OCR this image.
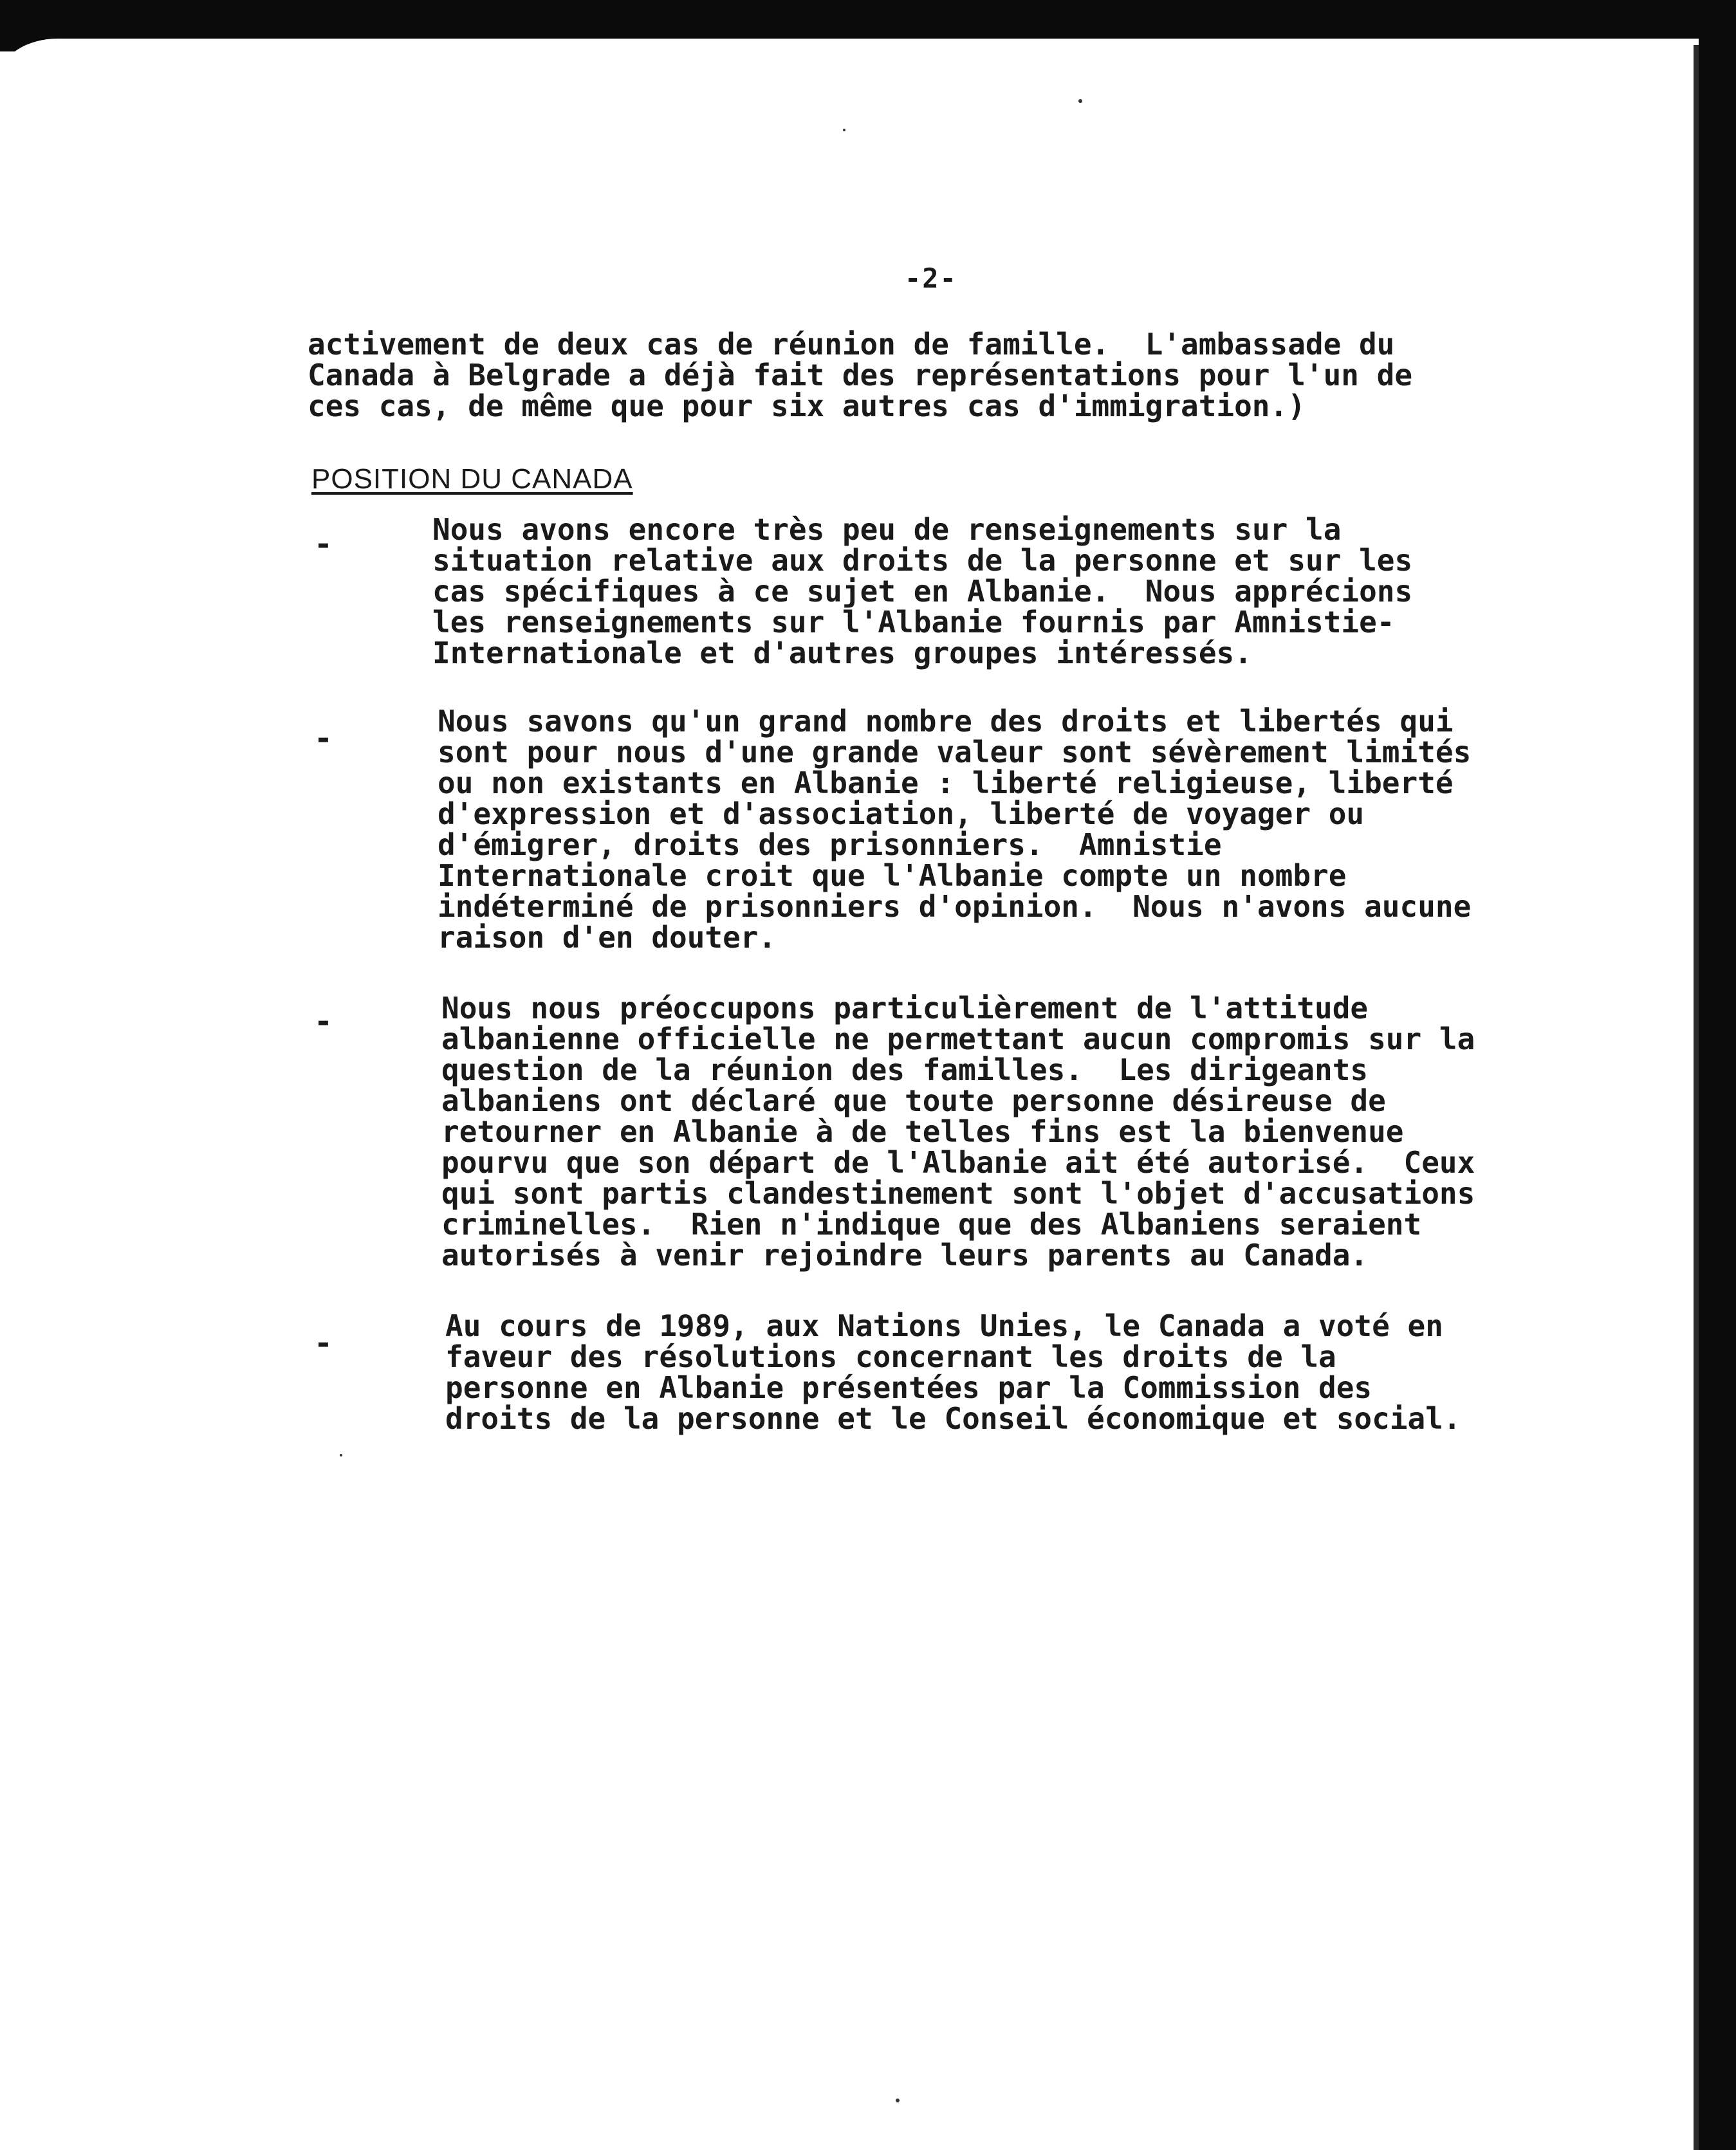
-2-
activement de deux cas de réunion de famille.  L'ambassade du
Canada à Belgrade a déjà fait des représentations pour l'un de
ces cas, de même que pour six autres cas d'immigration.)
POSITION DU CANADA
-	Nous avons encore très peu de renseignements sur la
situation relative aux droits de la personne et sur les
cas spécifiques à ce sujet en Albanie.  Nous apprécions
les renseignements sur l'Albanie fournis par Amnistie-
Internationale et d'autres groupes intéressés.
-	Nous savons qu'un grand nombre des droits et libertés qui
sont pour nous d'une grande valeur sont sévèrement limités
ou non existants en Albanie : liberté religieuse, liberté
d'expression et d'association, liberté de voyager ou
d'émigrer, droits des prisonniers.  Amnistie
Internationale croit que l'Albanie compte un nombre
indéterminé de prisonniers d'opinion.  Nous n'avons aucune
raison d'en douter.
-	Nous nous préoccupons particulièrement de l'attitude
albanienne officielle ne permettant aucun compromis sur la
question de la réunion des familles.  Les dirigeants
albaniens ont déclaré que toute personne désireuse de
retourner en Albanie à de telles fins est la bienvenue
pourvu que son départ de l'Albanie ait été autorisé.  Ceux
qui sont partis clandestinement sont l'objet d'accusations
criminelles.  Rien n'indique que des Albaniens seraient
autorisés à venir rejoindre leurs parents au Canada.
-	Au cours de 1989, aux Nations Unies, le Canada a voté en
faveur des résolutions concernant les droits de la
personne en Albanie présentées par la Commission des
droits de la personne et le Conseil économique et social.
